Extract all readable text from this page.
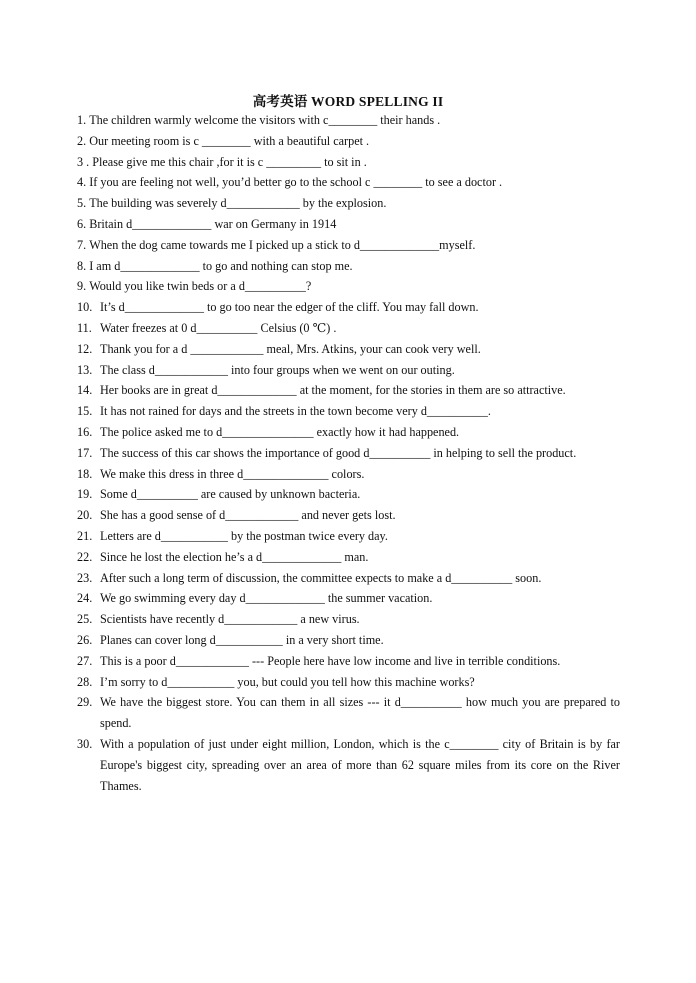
高考英语 WORD SPELLING II
1. The children warmly welcome the visitors with c________ their hands .
2. Our meeting room is c ________ with a beautiful carpet .
3 . Please give me this chair ,for it is c _________ to sit in .
4. If you are feeling not well, you’d better go to the school c ________ to see a doctor .
5. The building was severely d____________ by the explosion.
6. Britain d_____________ war on Germany in 1914
7. When the dog came towards me I picked up a stick to d_____________myself.
8. I am d_____________ to go and nothing can stop me.
9. Would you like twin beds or a d__________?
10. It’s d_____________ to go too near the edger of the cliff. You may fall down.
11. Water freezes at 0 d__________ Celsius (0 ℃) .
12. Thank you for a d ____________ meal, Mrs. Atkins, your can cook very well.
13. The class d____________ into four groups when we went on our outing.
14. Her books are in great d_____________ at the moment, for the stories in them are so attractive.
15. It has not rained for days and the streets in the town become very d__________.
16. The police asked me to d_______________ exactly how it had happened.
17. The success of this car shows the importance of good d__________ in helping to sell the product.
18. We make this dress in three d______________ colors.
19. Some d__________ are caused by unknown bacteria.
20. She has a good sense of d____________ and never gets lost.
21. Letters are d___________ by the postman twice every day.
22. Since he lost the election he’s a d_____________ man.
23. After such a long term of discussion, the committee expects to make a d__________ soon.
24. We go swimming every day d_____________ the summer vacation.
25. Scientists have recently d____________ a new virus.
26. Planes can cover long d___________ in a very short time.
27. This is a poor d____________ --- People here have low income and live in terrible conditions.
28. I’m sorry to d___________ you, but could you tell how this machine works?
29. We have the biggest store. You can them in all sizes --- it d__________ how much you are prepared to spend.
30. With a population of just under eight million, London, which is the c________ city of Britain is by far Europe's biggest city, spreading over an area of more than 62 square miles from its core on the River Thames.
